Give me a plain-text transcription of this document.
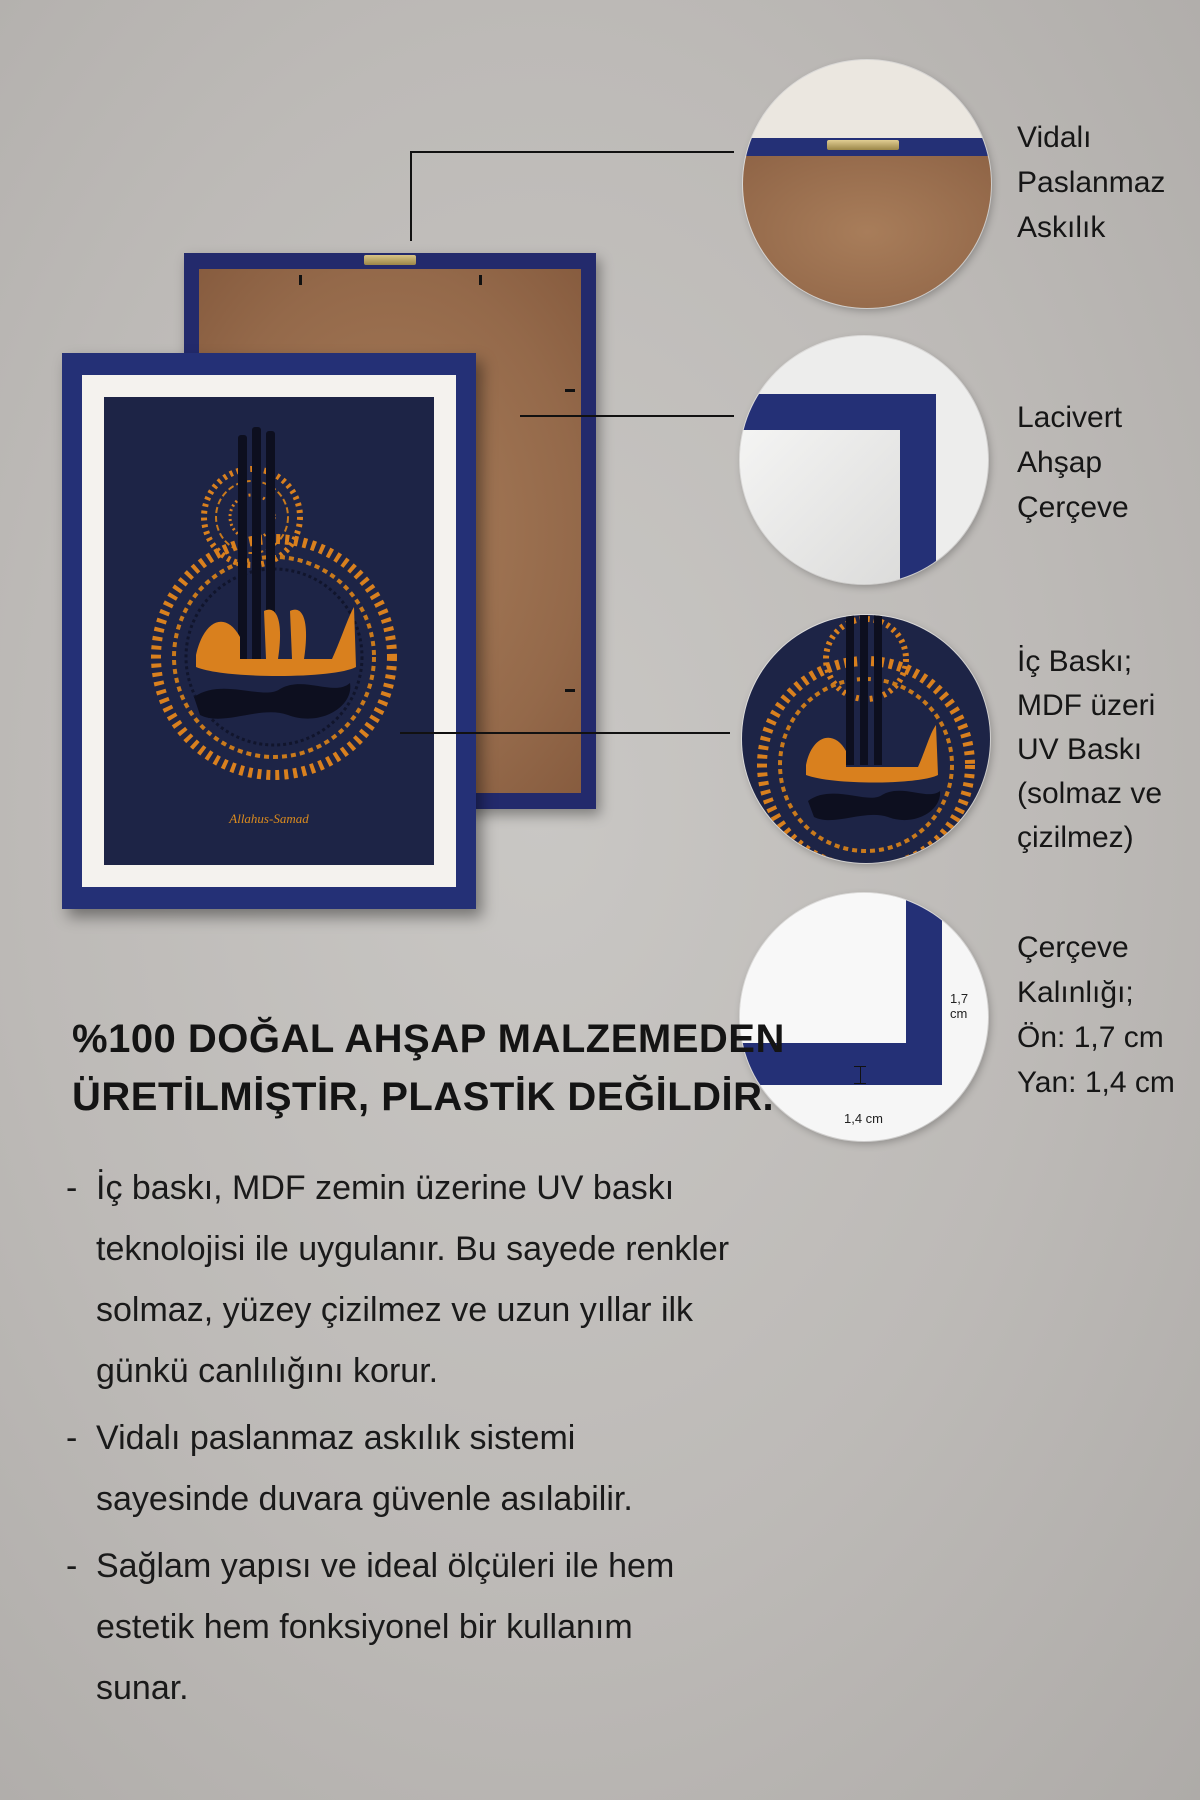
Allahus-Samad
Vidalı
Paslanmaz
Askılık
Lacivert
Ahşap
Çerçeve
İç Baskı;
MDF üzeri
UV Baskı
(solmaz ve
çizilmez)
1,7 cm
1,4 cm
Çerçeve
Kalınlığı;
Ön: 1,7 cm
Yan: 1,4 cm
%100 DOĞAL AHŞAP MALZEMEDEN
ÜRETİLMİŞTİR, PLASTİK DEĞİLDİR.
- İç baskı, MDF zemin üzerine UV baskı
teknolojisi ile uygulanır. Bu sayede renkler
solmaz, yüzey çizilmez ve uzun yıllar ilk
günkü canlılığını korur.
- Vidalı paslanmaz askılık sistemi
sayesinde duvara güvenle asılabilir.
- Sağlam yapısı ve ideal ölçüleri ile hem
estetik hem fonksiyonel bir kullanım
sunar.
